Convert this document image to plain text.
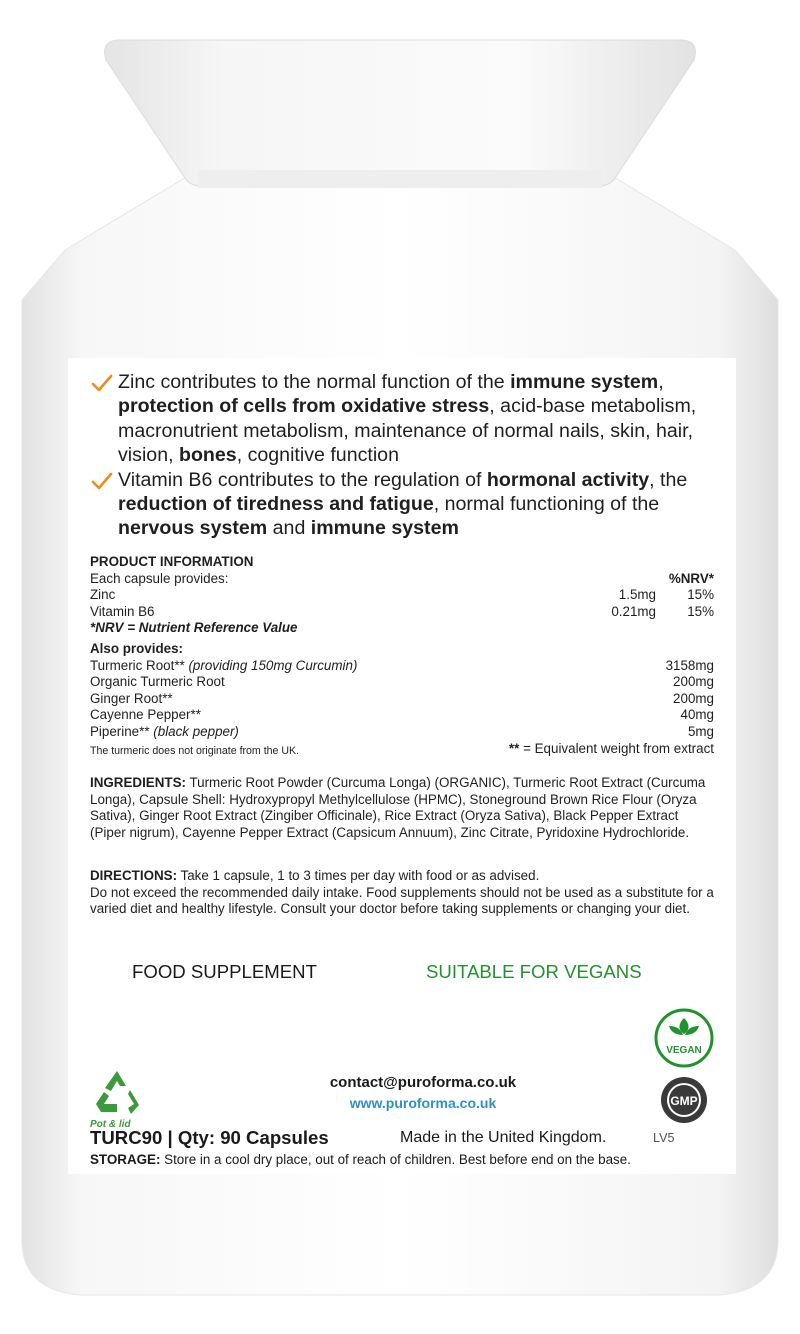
Zinc contributes to the normal function of the immune system, protection of cells from oxidative stress, acid-base metabolism, macronutrient metabolism, maintenance of normal nails, skin, hair, vision, bones, cognitive function
Vitamin B6 contributes to the regulation of hormonal activity, the reduction of tiredness and fatigue, normal functioning of the nervous system and immune system
PRODUCT INFORMATION
Each capsule provides:	%NRV*
Zinc	1.5mg 15%
Vitamin B6	0.21mg 15%
*NRV = Nutrient Reference Value
Also provides:
Turmeric Root** (providing 150mg Curcumin)	3158mg
Organic Turmeric Root	200mg
Ginger Root**	200mg
Cayenne Pepper**	40mg
Piperine** (black pepper)	5mg
The turmeric does not originate from the UK.	** = Equivalent weight from extract
INGREDIENTS: Turmeric Root Powder (Curcuma Longa) (ORGANIC), Turmeric Root Extract (Curcuma Longa), Capsule Shell: Hydroxypropyl Methylcellulose (HPMC), Stoneground Brown Rice Flour (Oryza Sativa), Ginger Root Extract (Zingiber Officinale), Rice Extract (Oryza Sativa), Black Pepper Extract (Piper nigrum), Cayenne Pepper Extract (Capsicum Annuum), Zinc Citrate, Pyridoxine Hydrochloride.
DIRECTIONS: Take 1 capsule, 1 to 3 times per day with food or as advised.
Do not exceed the recommended daily intake. Food supplements should not be used as a substitute for a varied diet and healthy lifestyle. Consult your doctor before taking supplements or changing your diet.
FOOD SUPPLEMENT	SUITABLE FOR VEGANS
VEGAN
GMP
Pot & lid
contact@puroforma.co.uk
www.puroforma.co.uk
TURC90 | Qty: 90 Capsules	Made in the United Kingdom.	LV5
STORAGE: Store in a cool dry place, out of reach of children. Best before end on the base.
